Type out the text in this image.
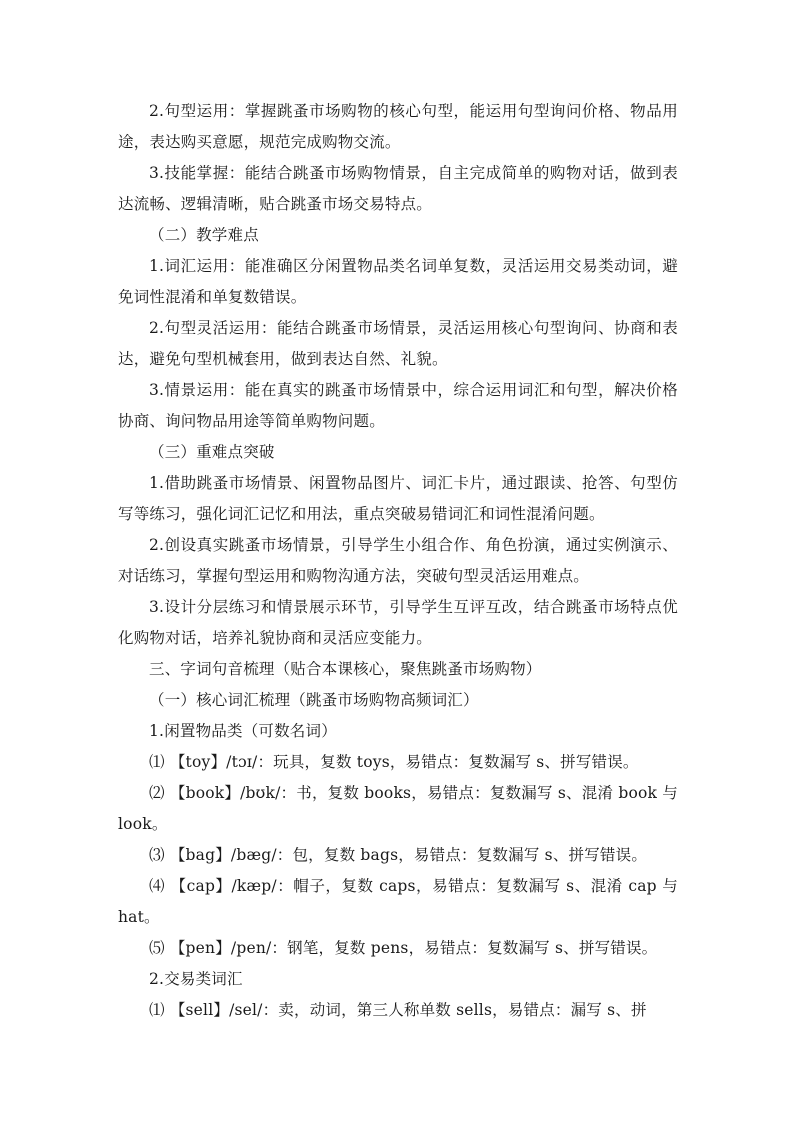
2.句型运用：掌握跳蚤市场购物的核心句型，能运用句型询问价格、物品用途，表达购买意愿，规范完成购物交流。

3.技能掌握：能结合跳蚤市场购物情景，自主完成简单的购物对话，做到表达流畅、逻辑清晰，贴合跳蚤市场交易特点。

（二）教学难点

1.词汇运用：能准确区分闲置物品类名词单复数，灵活运用交易类动词，避免词性混淆和单复数错误。

2.句型灵活运用：能结合跳蚤市场情景，灵活运用核心句型询问、协商和表达，避免句型机械套用，做到表达自然、礼貌。

3.情景运用：能在真实的跳蚤市场情景中，综合运用词汇和句型，解决价格协商、询问物品用途等简单购物问题。

（三）重难点突破

1.借助跳蚤市场情景、闲置物品图片、词汇卡片，通过跟读、抢答、句型仿写等练习，强化词汇记忆和用法，重点突破易错词汇和词性混淆问题。

2.创设真实跳蚤市场情景，引导学生小组合作、角色扮演，通过实例演示、对话练习，掌握句型运用和购物沟通方法，突破句型灵活运用难点。

3.设计分层练习和情景展示环节，引导学生互评互改，结合跳蚤市场特点优化购物对话，培养礼貌协商和灵活应变能力。

三、字词句音梳理（贴合本课核心，聚焦跳蚤市场购物）

（一）核心词汇梳理（跳蚤市场购物高频词汇）

1.闲置物品类（可数名词）

⑴ 【toy】/tɔɪ/：玩具，复数 toys，易错点：复数漏写 s、拼写错误。

⑵ 【book】/bʊk/：书，复数 books，易错点：复数漏写 s、混淆 book 与 look。

⑶ 【bag】/bæg/：包，复数 bags，易错点：复数漏写 s、拼写错误。

⑷ 【cap】/kæp/：帽子，复数 caps，易错点：复数漏写 s、混淆 cap 与 hat。

⑸ 【pen】/pen/：钢笔，复数 pens，易错点：复数漏写 s、拼写错误。

2.交易类词汇

⑴ 【sell】/sel/：卖，动词，第三人称单数 sells，易错点：漏写 s、拼
